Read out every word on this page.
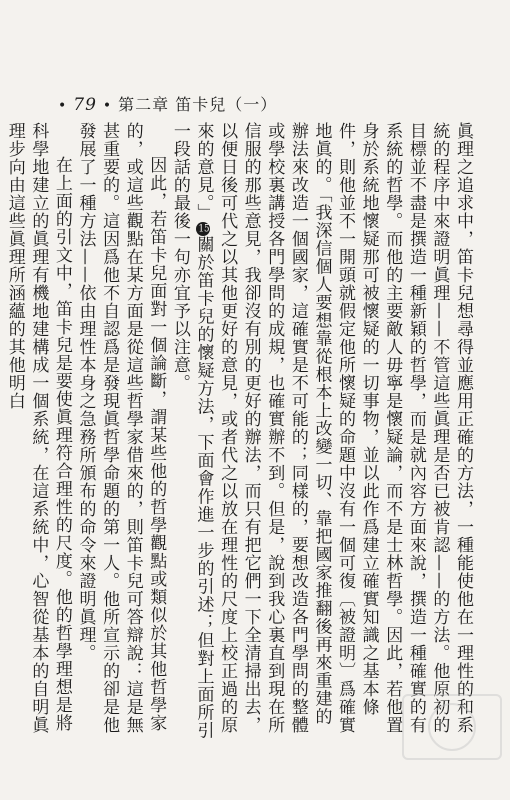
• 79 • 第二章 笛卡兒（一）

眞理之追求中，笛卡兒想尋得並應用正確的方法，一種能使他在一理性的和系統的程序中來證明眞理——不管這些眞理是否已被肯認——的方法。他原初的目標並不盡是撰造一種新穎的哲學，而是就內容方面來說，撰造一種確實的有系統的哲學。而他的主要敵人毋寧是懷疑論，而不是士林哲學。因此，若他置身於系統地懷疑那可被懷疑的一切事物，並以此作爲建立確實知識之基本條件，則他並不一開頭就假定他所懷疑的命題中沒有一個可復〔被證明〕爲確實地眞的。「我深信個人要想靠從根本上改變一切、靠把國家推翻後再來重建的辦法來改造一個國家，這確實是不可能的；同樣的，要想改造各門學問的整體或學校裏講授各門學問的成規，也確實辦不到。但是，說到我心裏直到現在所信服的那些意見，我卻沒有別的更好的辦法，而只有把它們一下全清掃出去，以便日後可代之以其他更好的意見，或者代之以放在理性的尺度上校正過的原來的意見。」15關於笛卡兒的懷疑方法，下面會作進一步的引述；但對上面所引一段話的最後一句亦宜予以注意。

因此，若笛卡兒面對一個論斷，謂某些他的哲學觀點或類似於其他哲學家的，或這些觀點在某方面是從這些哲學家借來的，則笛卡兒可答辯說：這是無甚重要的。這因爲他不自認爲是發現眞哲學命題的第一人。他所宣示的卻是他發展了一種方法——依由理性本身之急務所頒布的命令來證明眞理。

在上面的引文中，笛卡兒是要使眞理符合理性的尺度。他的哲學理想是將科學地建立的眞理有機地建構成一個系統，在這系統中，心智從基本的自明眞理步向由這些眞理所涵蘊的其他明白
